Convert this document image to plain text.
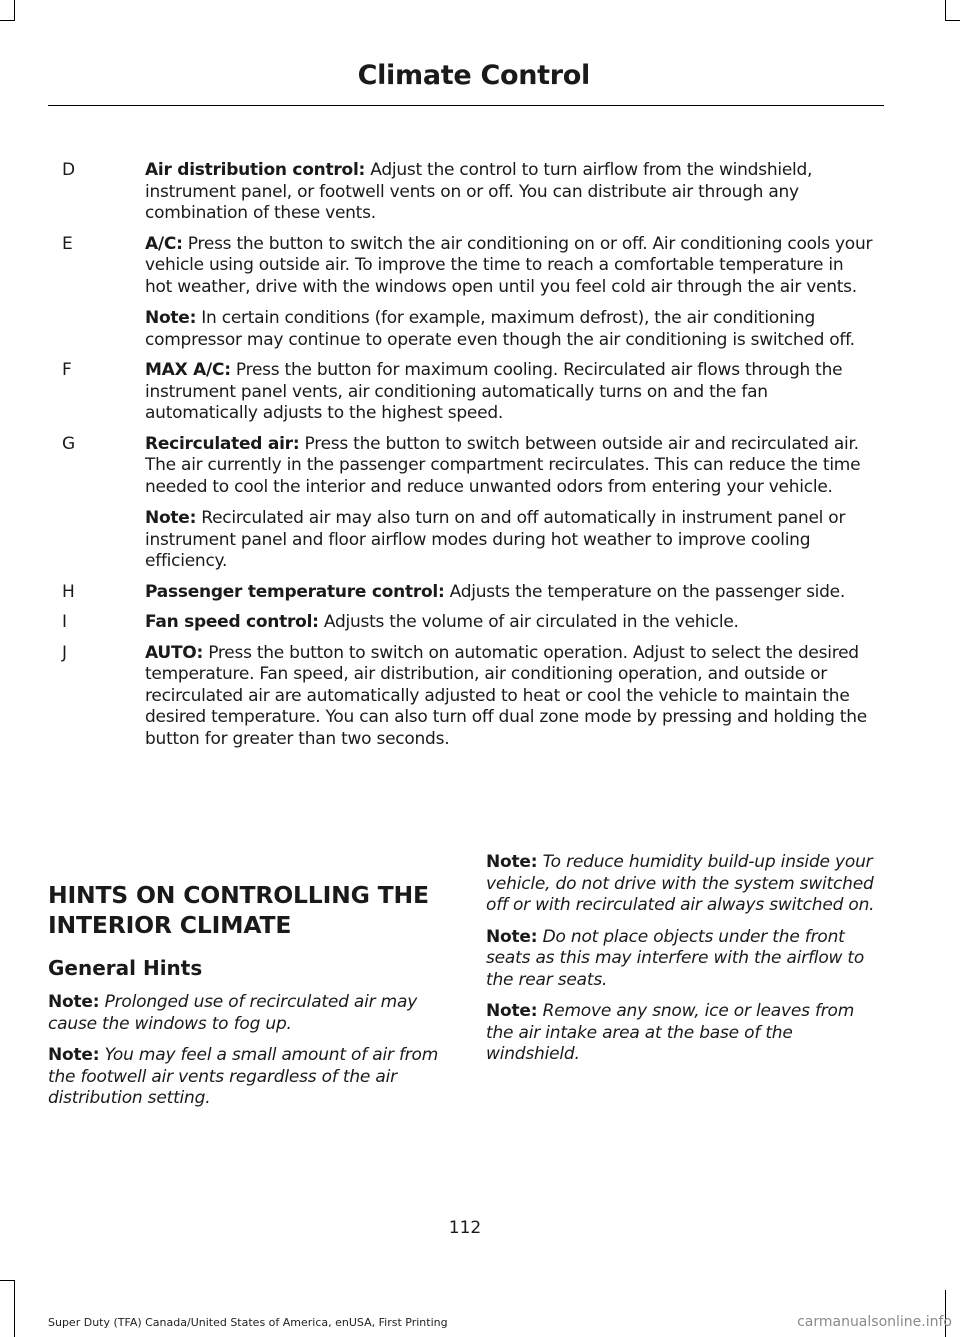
Climate Control
D	Air distribution control: Adjust the control to turn airflow from the windshield, instrument panel, or footwell vents on or off. You can distribute air through any combination of these vents.

E	A/C: Press the button to switch the air conditioning on or off. Air conditioning cools your vehicle using outside air. To improve the time to reach a comfortable temperature in hot weather, drive with the windows open until you feel cold air through the air vents.

Note: In certain conditions (for example, maximum defrost), the air conditioning compressor may continue to operate even though the air conditioning is switched off.

F	MAX A/C: Press the button for maximum cooling. Recirculated air flows through the instrument panel vents, air conditioning automatically turns on and the fan automatically adjusts to the highest speed.

G	Recirculated air: Press the button to switch between outside air and recirculated air. The air currently in the passenger compartment recirculates. This can reduce the time needed to cool the interior and reduce unwanted odors from entering your vehicle.

Note: Recirculated air may also turn on and off automatically in instrument panel or instrument panel and floor airflow modes during hot weather to improve cooling efficiency.

H	Passenger temperature control: Adjusts the temperature on the passenger side.

I	Fan speed control: Adjusts the volume of air circulated in the vehicle.

J	AUTO: Press the button to switch on automatic operation. Adjust to select the desired temperature. Fan speed, air distribution, air conditioning operation, and outside or recirculated air are automatically adjusted to heat or cool the vehicle to maintain the desired temperature. You can also turn off dual zone mode by pressing and holding the button for greater than two seconds.

HINTS ON CONTROLLING THE INTERIOR CLIMATE
General Hints

Note: Prolonged use of recirculated air may cause the windows to fog up.

Note: You may feel a small amount of air from the footwell air vents regardless of the air distribution setting.

Note: To reduce humidity build-up inside your vehicle, do not drive with the system switched off or with recirculated air always switched on.

Note: Do not place objects under the front seats as this may interfere with the airflow to the rear seats.

Note: Remove any snow, ice or leaves from the air intake area at the base of the windshield.

112
Super Duty (TFA) Canada/United States of America, enUSA, First Printing	carmanualsonline.info
